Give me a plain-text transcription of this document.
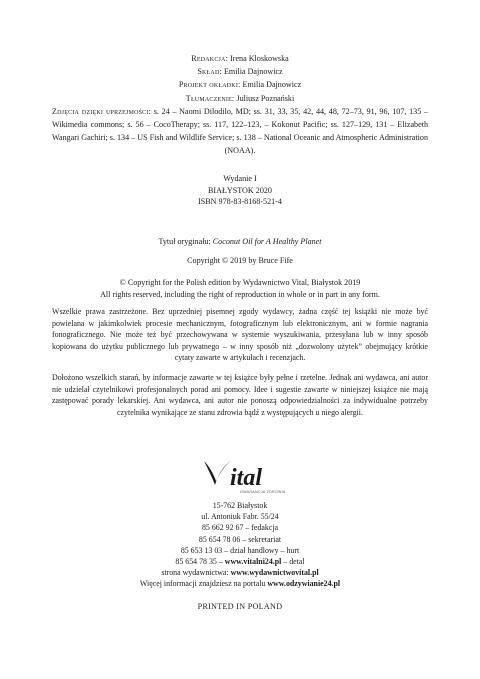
Redakcja: Irena Kloskowska
Skład: Emilia Dajnowicz
Projekt okładki: Emilia Dajnowicz
Tłumaczenie: Juliusz Poznański
Zdjęcia dzięki uprzejmości: s. 24 – Naomi Dilodilo, MD; ss. 31, 33, 35, 42, 44, 48, 72–73, 91, 96, 107, 135 – Wikimedia commons; s. 56 – CocoTherapy; ss. 117, 122–123, – Kokonut Pacific; ss. 127–129, 131 – Elizabeth Wangari Gachiri; s. 134 – US Fish and Wildlife Service; s. 138 – National Oceanic and Atmospheric Administration (NOAA).
Wydanie I
BIAŁYSTOK 2020
ISBN 978-83-8168-521-4
Tytuł oryginału: Coconut Oil for A Healthy Planet
Copyright © 2019 by Bruce Fife
© Copyright for the Polish edition by Wydawnictwo Vital, Białystok 2019
All rights reserved, including the right of reproduction in whole or in part in any form.
Wszelkie prawa zastrzeżone. Bez uprzedniej pisemnej zgody wydawcy, żadna część tej książki nie może być powielana w jakimkolwiek procesie mechanicznym, fotograficznym lub elektronicznym, ani w formie nagrania fonograficznego. Nie może też być przechowywana w systemie wyszukiwania, przesyłana lub w inny sposób kopiowana do użytku publicznego lub prywatnego – w inny sposób niż „dozwolony użytek” obejmujący krótkie cytaty zawarte w artykułach i recenzjach.
Dołożono wszelkich starań, by informacje zawarte w tej książce były pełne i rzetelne. Jednak ani wydawca, ani autor nie udzielał czytelnikowi profesjonalnych porad ani pomocy. Idee i sugestie zawarte w niniejszej książce nie mają zastępować porady lekarskiej. Ani wydawca, ani autor nie ponoszą odpowiedzialności za indywidualne potrzeby czytelnika wynikające ze stanu zdrowia bądź z występujących u niego alergii.
ital
GWARANCJA ZDROWIA
15-762 Białystok
ul. Antoniuk Fabr. 55/24
85 662 92 67 – fedakcja
85 654 78 06 – sekretariat
85 653 13 03 – dział handlowy – hurt
85 654 78 35 – www.vitalni24.pl – detal
strona wydawnictwa: www.wydawnictwovital.pl
Więcej informacji znajdziesz na portalu www.odzywianie24.pl
PRINTED IN POLAND
